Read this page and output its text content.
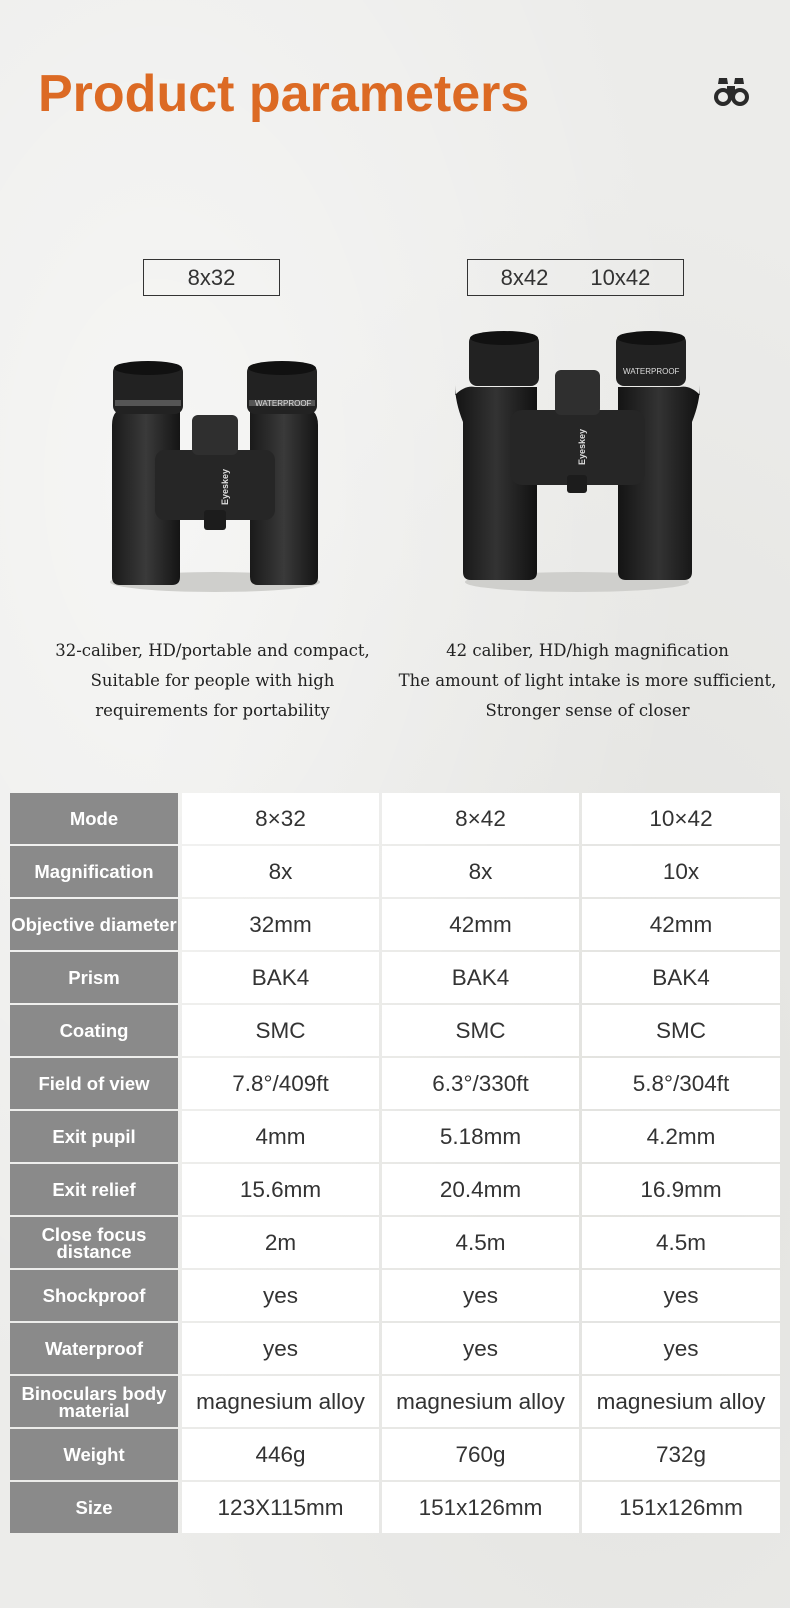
Product parameters
8x32	8x42 10x42
WATERPROOF
Eyeskey
WATERPROOF
Eyeskey
32-caliber, HD/portable and compact,
Suitable for people with high
requirements for portability
42 caliber, HD/high magnification
The amount of light intake is more sufficient,
Stronger sense of closer
Mode	8×32	8×42	10×42
Magnification	8x	8x	10x
Objective diameter	32mm	42mm	42mm
Prism	BAK4	BAK4	BAK4
Coating	SMC	SMC	SMC
Field of view	7.8°/409ft	6.3°/330ft	5.8°/304ft
Exit pupil	4mm	5.18mm	4.2mm
Exit relief	15.6mm	20.4mm	16.9mm
Close focus distance	2m	4.5m	4.5m
Shockproof	yes	yes	yes
Waterproof	yes	yes	yes
Binoculars body material	magnesium alloy	magnesium alloy	magnesium alloy
Weight	446g	760g	732g
Size	123X115mm	151x126mm	151x126mm
